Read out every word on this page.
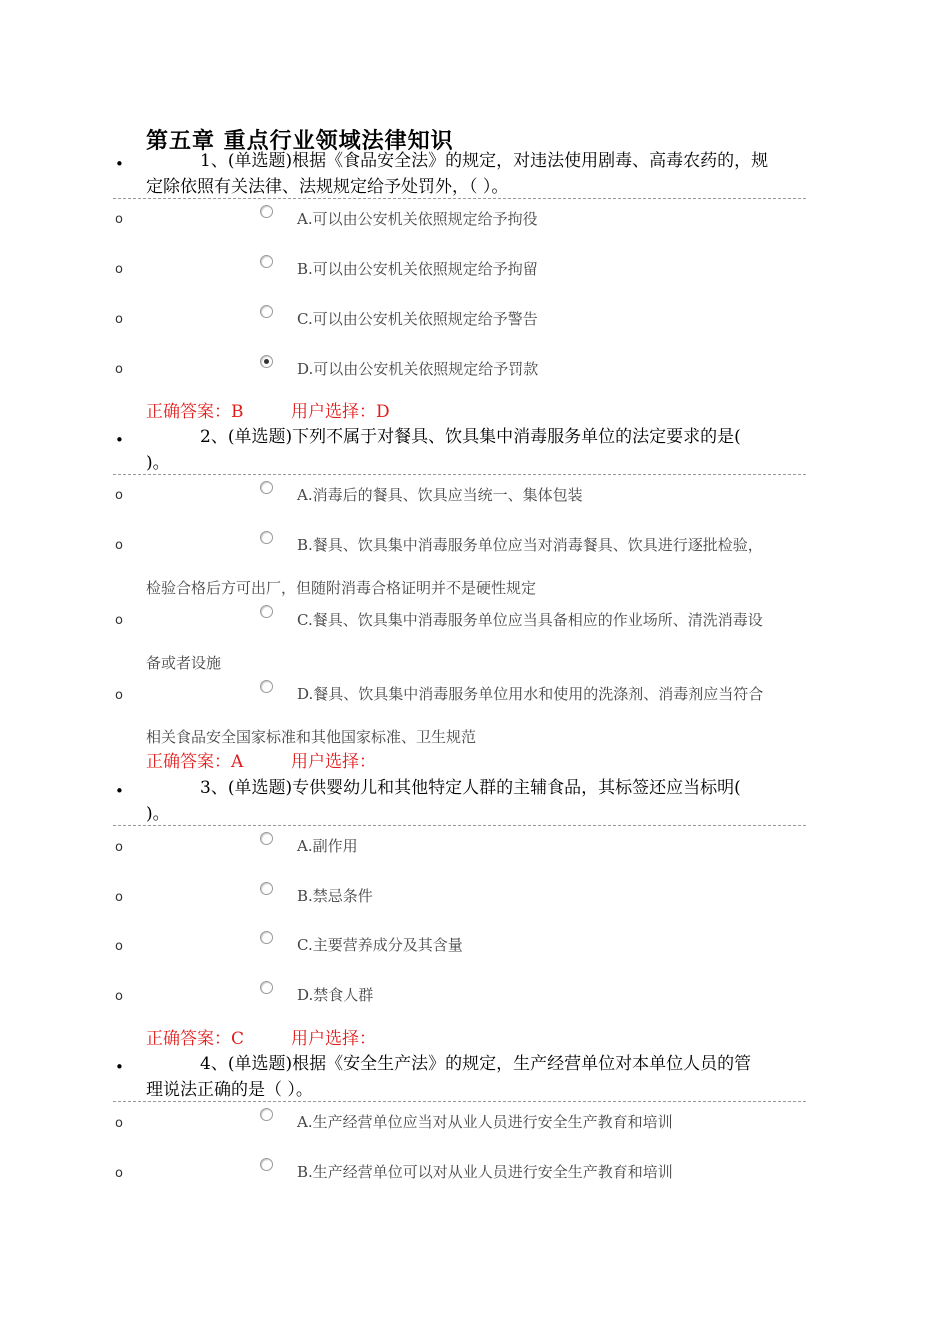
第五章 重点行业领域法律知识
•	1、(单选题)根据《食品安全法》的规定，对违法使用剧毒、高毒农药的，规
定除依照有关法律、法规规定给予处罚外，（ ）。
o	A.可以由公安机关依照规定给予拘役
o	B.可以由公安机关依照规定给予拘留
o	C.可以由公安机关依照规定给予警告
o	D.可以由公安机关依照规定给予罚款
正确答案：B	用户选择：D
•	2、(单选题)下列不属于对餐具、饮具集中消毒服务单位的法定要求的是(
)。
o	A.消毒后的餐具、饮具应当统一、集体包装
o	B.餐具、饮具集中消毒服务单位应当对消毒餐具、饮具进行逐批检验，
检验合格后方可出厂，但随附消毒合格证明并不是硬性规定
o	C.餐具、饮具集中消毒服务单位应当具备相应的作业场所、清洗消毒设
备或者设施
o	D.餐具、饮具集中消毒服务单位用水和使用的洗涤剂、消毒剂应当符合
相关食品安全国家标准和其他国家标准、卫生规范
正确答案：A	用户选择：
•	3、(单选题)专供婴幼儿和其他特定人群的主辅食品，其标签还应当标明(
)。
o	A.副作用
o	B.禁忌条件
o	C.主要营养成分及其含量
o	D.禁食人群
正确答案：C	用户选择：
•	4、(单选题)根据《安全生产法》的规定，生产经营单位对本单位人员的管
理说法正确的是（ ）。
o	A.生产经营单位应当对从业人员进行安全生产教育和培训
o	B.生产经营单位可以对从业人员进行安全生产教育和培训
